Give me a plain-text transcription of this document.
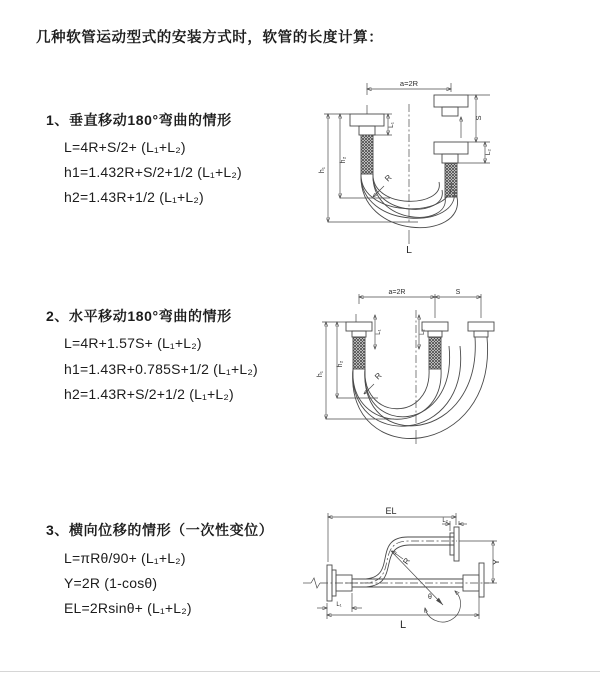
几种软管运动型式的安装方式时，软管的长度计算：
1、垂直移动180°弯曲的情形
L=4R+S/2+ (L₁+L₂)
h1=1.432R+S/2+1/2 (L₁+L₂)
h2=1.43R+1/2 (L₁+L₂)
2、水平移动180°弯曲的情形
L=4R+1.57S+ (L₁+L₂)
h1=1.43R+0.785S+1/2 (L₁+L₂)
h2=1.43R+S/2+1/2 (L₁+L₂)
3、横向位移的情形（一次性变位）
L=πRθ/90+ (L₁+L₂)
Y=2R (1-cosθ)
EL=2Rsinθ+ (L₁+L₂)
a=2R
L₁
S
L₂
h₂
h₁
R
L
a=2R	S
L₁	L₂
h₂
h₁	R
EL
L₂
Y
θ
R
L₁
L
